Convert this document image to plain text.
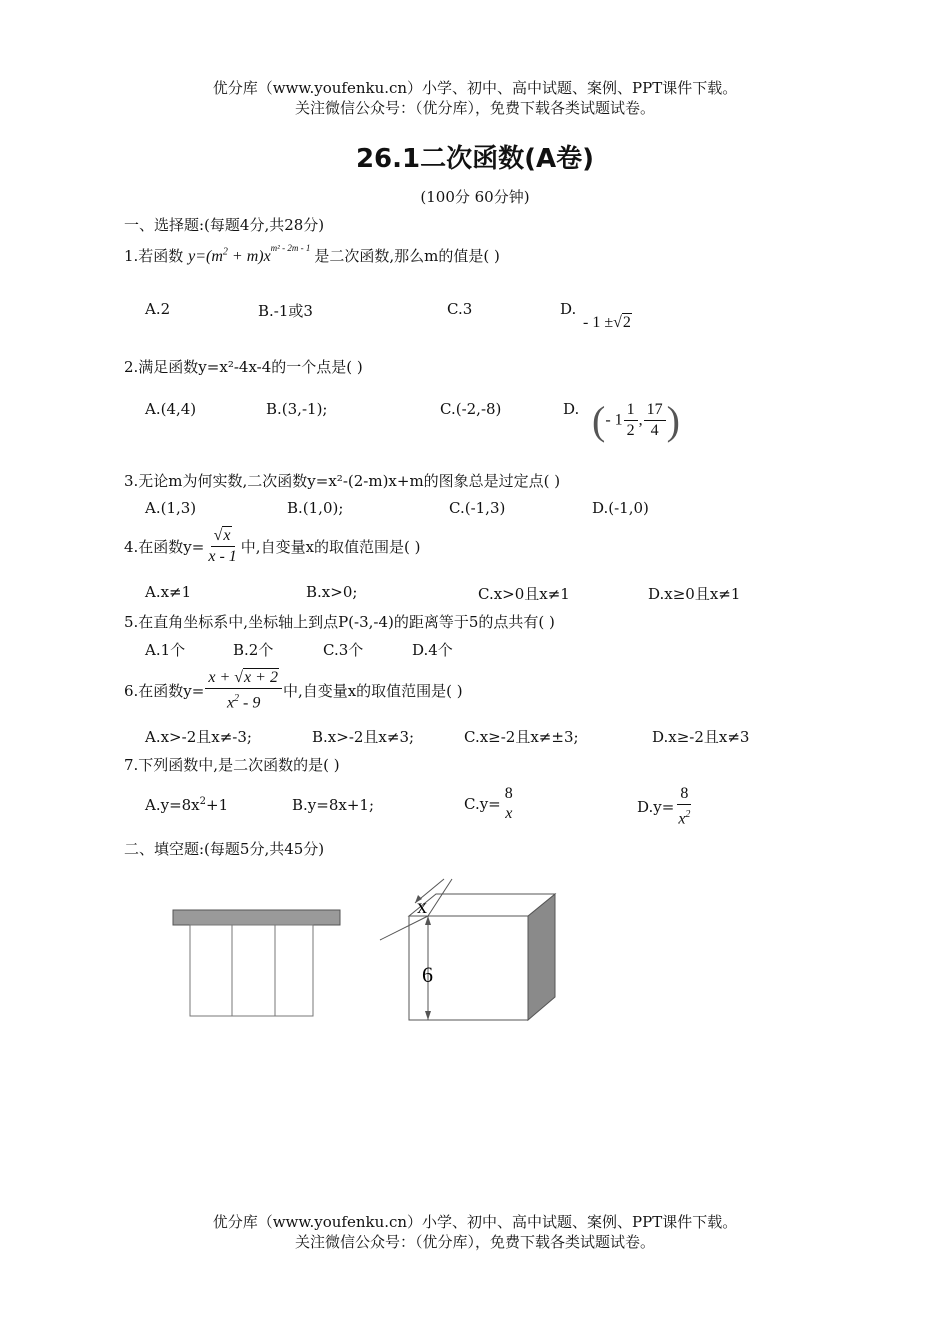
优分库（www.youfenku.cn）小学、初中、高中试题、案例、PPT课件下载。
关注微信公众号：（优分库），免费下载各类试题试卷。
26.1二次函数(A卷)
(100分 60分钟)
一、选择题:(每题4分,共28分)
1.若函数 $y=(m^2 + m)x^{m^2 - 2m - 1}$ 是二次函数,那么m的值是( )
A.2	B.-1或3	C.3	D.
- 1 ±√2
2.满足函数y=x²-4x-4的一个点是( )
A.(4,4)	B.(3,-1);	C.(-2,-8)	D. (- $1 \frac{1}{2}$ , $\frac{17}{4}$ )
3.无论m为何实数,二次函数y=x²-(2-m)x+m的图象总是过定点( )
A.(1,3)	B.(1,0);	C.(-1,3)	D.(-1,0)
4.在函数$y= \frac{√x}{x - 1}$ 中,自变量x的取值范围是( )
A.x≠1	B.x>0;	C.x>0且x≠1	D.x≥0且x≠1
5.在直角坐标系中,坐标轴上到点P(-3,-4)的距离等于5的点共有( )
A.1个	B.2个	C.3个	D.4个
6.在函数$y= \frac{x + √x + 2}{x^2 - 9}$ 中,自变量x的取值范围是( )
A.x>-2且x≠-3;	B.x>-2且x≠3;	C.x≥-2且x≠±3;	D.x≥-2且x≠3
7.下列函数中,是二次函数的是( )
$A.y=8x^2+1$	B.y=8x+1;	C.y=
8
x	$D.y= \frac{8}{x^2}$
二、填空题:(每题5分,共45分)
x
6
优分库（www.youfenku.cn）小学、初中、高中试题、案例、PPT课件下载。
关注微信公众号：（优分库），免费下载各类试题试卷。
